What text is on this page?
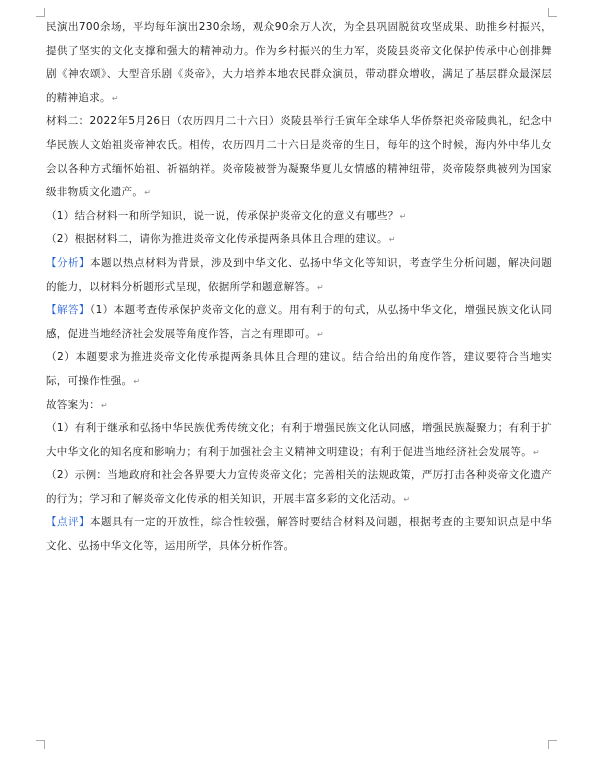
民演出700余场，平均每年演出230余场，观众90余万人次，为全县巩固脱贫攻坚成果、助推乡村振兴，提供了坚实的文化支撑和强大的精神动力。作为乡村振兴的生力军，炎陵县炎帝文化保护传承中心创排舞剧《神农颂》、大型音乐剧《炎帝》，大力培养本地农民群众演员，带动群众增收，满足了基层群众最深层的精神追求。↵

材料二：2022年5月26日（农历四月二十六日）炎陵县举行壬寅年全球华人华侨祭祀炎帝陵典礼，纪念中华民族人文始祖炎帝神农氏。相传，农历四月二十六日是炎帝的生日，每年的这个时候，海内外中华儿女会以各种方式缅怀始祖、祈福纳祥。炎帝陵被誉为凝聚华夏儿女情感的精神纽带，炎帝陵祭典被列为国家级非物质文化遗产。↵

（1）结合材料一和所学知识，说一说，传承保护炎帝文化的意义有哪些？↵

（2）根据材料二，请你为推进炎帝文化传承提两条具体且合理的建议。↵

【分析】本题以热点材料为背景，涉及到中华文化、弘扬中华文化等知识，考查学生分析问题，解决问题的能力，以材料分析题形式呈现，依据所学和题意解答。↵

【解答】（1）本题考查传承保护炎帝文化的意义。用有利于的句式，从弘扬中华文化，增强民族文化认同感，促进当地经济社会发展等角度作答，言之有理即可。↵

（2）本题要求为推进炎帝文化传承提两条具体且合理的建议。结合给出的角度作答，建议要符合当地实际，可操作性强。↵

故答案为：↵

（1）有利于继承和弘扬中华民族优秀传统文化；有利于增强民族文化认同感，增强民族凝聚力；有利于扩大中华文化的知名度和影响力；有利于加强社会主义精神文明建设；有利于促进当地经济社会发展等。↵

（2）示例：当地政府和社会各界要大力宣传炎帝文化；完善相关的法规政策，严厉打击各种炎帝文化遗产的行为；学习和了解炎帝文化传承的相关知识，开展丰富多彩的文化活动。↵

【点评】本题具有一定的开放性，综合性较强，解答时要结合材料及问题，根据考查的主要知识点是中华文化、弘扬中华文化等，运用所学，具体分析作答。
